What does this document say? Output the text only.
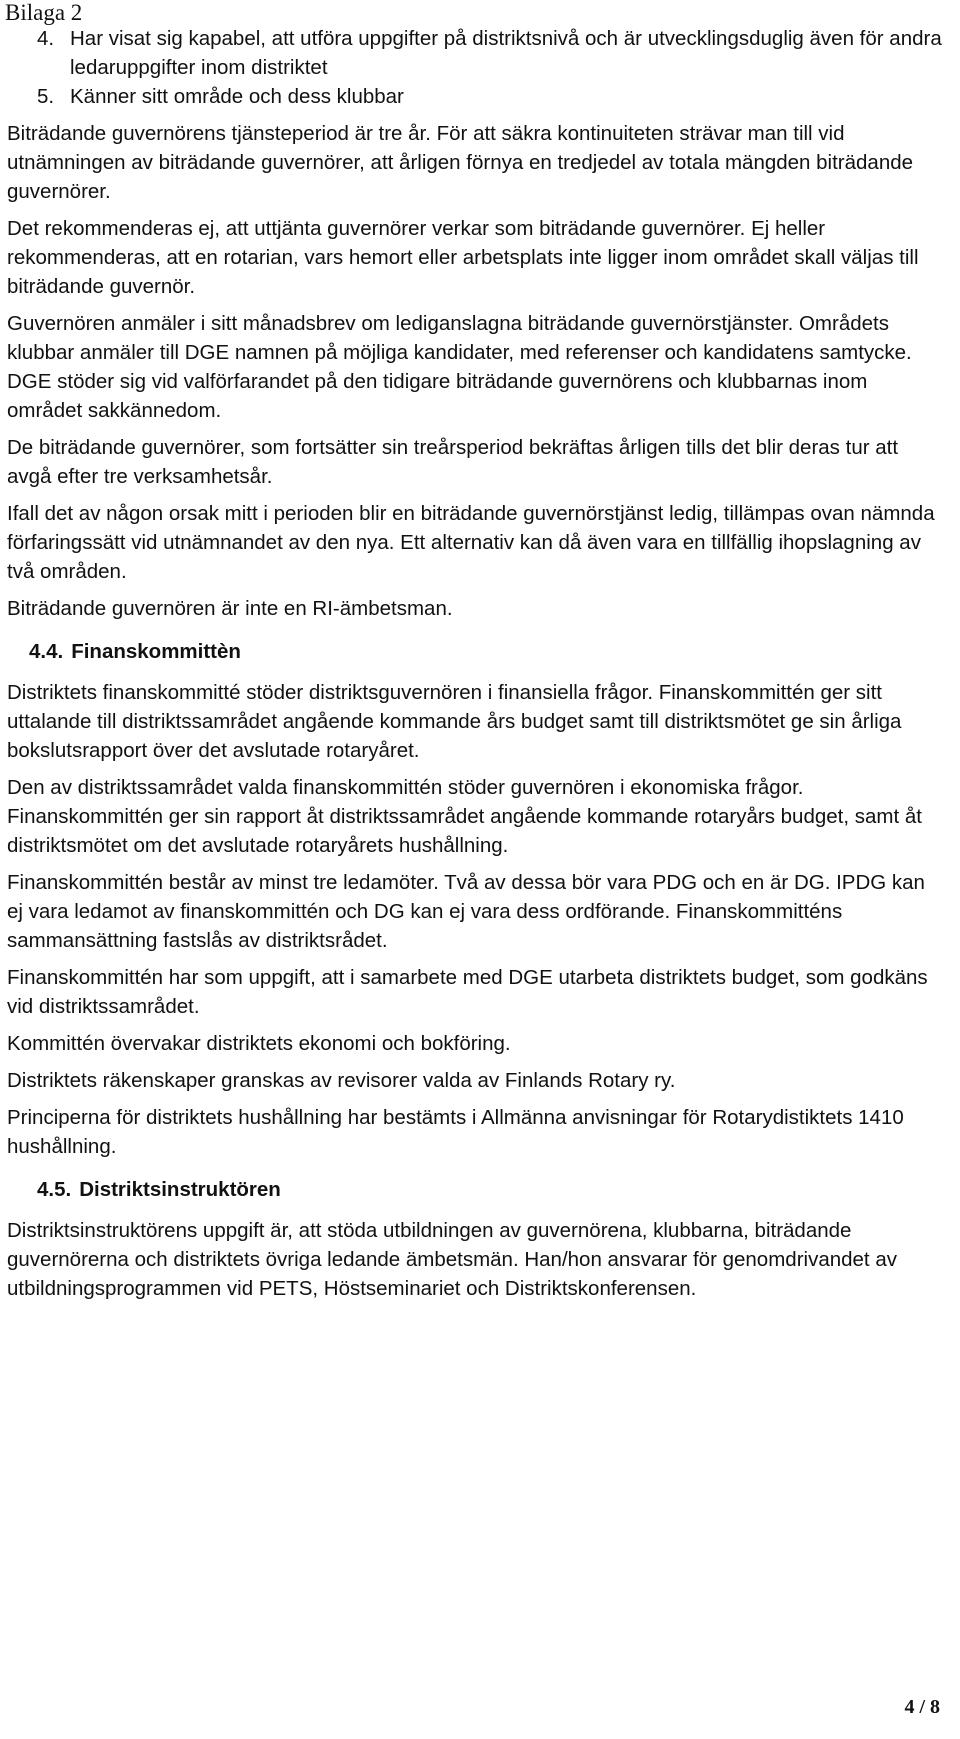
Bilaga 2
4. Har visat sig kapabel, att utföra uppgifter på distriktsnivå och är utvecklingsduglig även för andra ledaruppgifter inom distriktet
5. Känner sitt område och dess klubbar

Biträdande guvernörens tjänsteperiod är tre år. För att säkra kontinuiteten strävar man till vid utnämningen av biträdande guvernörer, att årligen förnya en tredjedel av totala mängden biträdande guvernörer.

Det rekommenderas ej, att uttjänta guvernörer verkar som biträdande guvernörer. Ej heller rekommenderas, att en rotarian, vars hemort eller arbetsplats inte ligger inom området skall väljas till biträdande guvernör.

Guvernören anmäler i sitt månadsbrev om lediganslagna biträdande guvernörstjänster. Områdets klubbar anmäler till DGE namnen på möjliga kandidater, med referenser och kandidatens samtycke. DGE stöder sig vid valförfarandet på den tidigare biträdande guvernörens och klubbarnas inom området sakkännedom.

De biträdande guvernörer, som fortsätter sin treårsperiod bekräftas årligen tills det blir deras tur att avgå efter tre verksamhetsår.

Ifall det av någon orsak mitt i perioden blir en biträdande guvernörstjänst ledig, tillämpas ovan nämnda förfaringssätt vid utnämnandet av den nya. Ett alternativ kan då även vara en tillfällig ihopslagning av två områden.

Biträdande guvernören är inte en RI-ämbetsman.

4.4. Finanskommittèn

Distriktets finanskommitté stöder distriktsguvernören i finansiella frågor. Finanskommittén ger sitt uttalande till distriktssamrådet angående kommande års budget samt till distriktsmötet ge sin årliga bokslutsrapport över det avslutade rotaryåret.

Den av distriktssamrådet valda finanskommittén stöder guvernören i ekonomiska frågor. Finanskommittén ger sin rapport åt distriktssamrådet angående kommande rotaryårs budget, samt åt distriktsmötet om det avslutade rotaryårets hushållning.

Finanskommittén består av minst tre ledamöter. Två av dessa bör vara PDG och en är DG. IPDG kan ej vara ledamot av finanskommittén och DG kan ej vara dess ordförande. Finanskommitténs sammansättning fastslås av distriktsrådet.

Finanskommittén har som uppgift, att i samarbete med DGE utarbeta distriktets budget, som godkäns vid distriktssamrådet.

Kommittén övervakar distriktets ekonomi och bokföring.

Distriktets räkenskaper granskas av revisorer valda av Finlands Rotary ry.

Principerna för distriktets hushållning har bestämts i Allmänna anvisningar för Rotarydistiktets 1410 hushållning.

4.5. Distriktsinstruktören

Distriktsinstruktörens uppgift är, att stöda utbildningen av guvernörena, klubbarna, biträdande guvernörerna och distriktets övriga ledande ämbetsmän. Han/hon ansvarar för genomdrivandet av utbildningsprogrammen vid PETS, Höstseminariet och Distriktskonferensen.

4 / 8
